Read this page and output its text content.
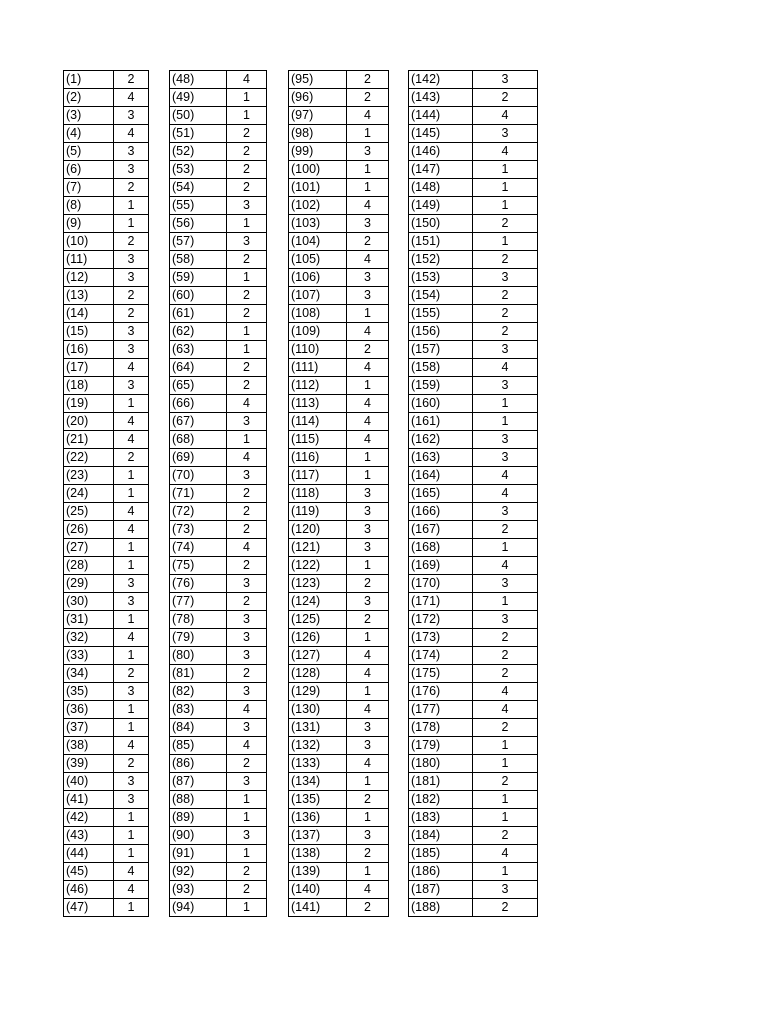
(1)	2
(2)	4
(3)	3
(4)	4
(5)	3
(6)	3
(7)	2
(8)	1
(9)	1
(10)	2
(11)	3
(12)	3
(13)	2
(14)	2
(15)	3
(16)	3
(17)	4
(18)	3
(19)	1
(20)	4
(21)	4
(22)	2
(23)	1
(24)	1
(25)	4
(26)	4
(27)	1
(28)	1
(29)	3
(30)	3
(31)	1
(32)	4
(33)	1
(34)	2
(35)	3
(36)	1
(37)	1
(38)	4
(39)	2
(40)	3
(41)	3
(42)	1
(43)	1
(44)	1
(45)	4
(46)	4
(47)	1
(48)	4
(49)	1
(50)	1
(51)	2
(52)	2
(53)	2
(54)	2
(55)	3
(56)	1
(57)	3
(58)	2
(59)	1
(60)	2
(61)	2
(62)	1
(63)	1
(64)	2
(65)	2
(66)	4
(67)	3
(68)	1
(69)	4
(70)	3
(71)	2
(72)	2
(73)	2
(74)	4
(75)	2
(76)	3
(77)	2
(78)	3
(79)	3
(80)	3
(81)	2
(82)	3
(83)	4
(84)	3
(85)	4
(86)	2
(87)	3
(88)	1
(89)	1
(90)	3
(91)	1
(92)	2
(93)	2
(94)	1
(95)	2
(96)	2
(97)	4
(98)	1
(99)	3
(100)	1
(101)	1
(102)	4
(103)	3
(104)	2
(105)	4
(106)	3
(107)	3
(108)	1
(109)	4
(110)	2
(111)	4
(112)	1
(113)	4
(114)	4
(115)	4
(116)	1
(117)	1
(118)	3
(119)	3
(120)	3
(121)	3
(122)	1
(123)	2
(124)	3
(125)	2
(126)	1
(127)	4
(128)	4
(129)	1
(130)	4
(131)	3
(132)	3
(133)	4
(134)	1
(135)	2
(136)	1
(137)	3
(138)	2
(139)	1
(140)	4
(141)	2
(142)	3
(143)	2
(144)	4
(145)	3
(146)	4
(147)	1
(148)	1
(149)	1
(150)	2
(151)	1
(152)	2
(153)	3
(154)	2
(155)	2
(156)	2
(157)	3
(158)	4
(159)	3
(160)	1
(161)	1
(162)	3
(163)	3
(164)	4
(165)	4
(166)	3
(167)	2
(168)	1
(169)	4
(170)	3
(171)	1
(172)	3
(173)	2
(174)	2
(175)	2
(176)	4
(177)	4
(178)	2
(179)	1
(180)	1
(181)	2
(182)	1
(183)	1
(184)	2
(185)	4
(186)	1
(187)	3
(188)	2
